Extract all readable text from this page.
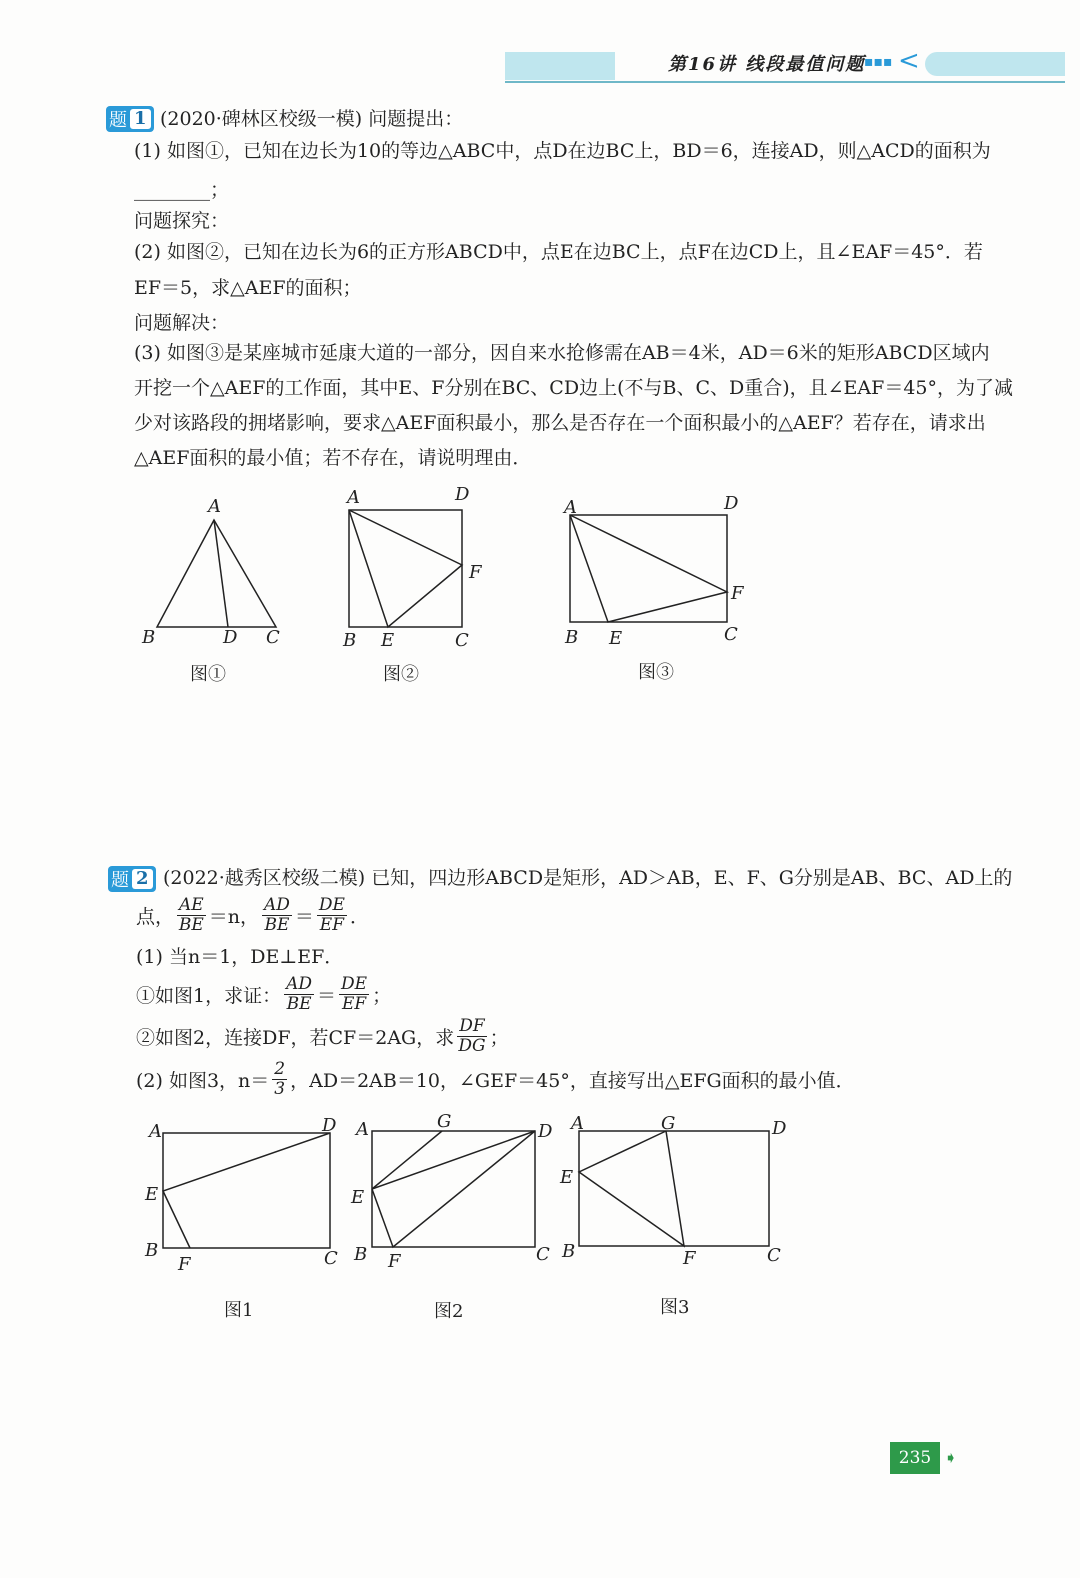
第16讲 线段最值问题
▪▪▪ <
题 1 (2020·碑林区校级一模) 问题提出：
(1) 如图①，已知在边长为10的等边△ABC中，点D在边BC上，BD＝6，连接AD，则△ACD的面积为
________；
问题探究：
(2) 如图②，已知在边长为6的正方形ABCD中，点E在边BC上，点F在边CD上，且∠EAF＝45°．若
EF＝5，求△AEF的面积；
问题解决：
(3) 如图③是某座城市延康大道的一部分，因自来水抢修需在AB＝4米，AD＝6米的矩形ABCD区域内
开挖一个△AEF的工作面，其中E、F分别在BC、CD边上(不与B、C、D重合)，且∠EAF＝45°，为了减
少对该路段的拥堵影响，要求△AEF面积最小，那么是否存在一个面积最小的△AEF？若存在，请求出
△AEF面积的最小值；若不存在，请说明理由．
A
B	D C
A	D
F
B E	C
A	D
F
B E	C
A	D
E
B
F	C
A	G	D
E
B F	C
A	G	D
E
B	F	C
图①	图②	图③
题 2 (2022·越秀区校级二模) 已知，四边形ABCD是矩形，AD＞AB，E、F、G分别是AB、BC、AD上的
点， $\frac{AE}{BE} =n$， $\frac{AD}{BE} = \frac{DE}{EF}$ ．
(1) 当n＝1，DE⊥EF．
①如图1，求证： $\frac{AD}{BE} = \frac{DE}{EF}$ ；
②如图2，连接DF，若CF＝2AG，求 $\frac{DF}{DG}$ ；
(2) 如图3，$n= \frac{2}{3}$ ，AD＝2AB＝10，∠GEF＝45°，直接写出△EFG面积的最小值．
图1	图2	图3
235 ➧
